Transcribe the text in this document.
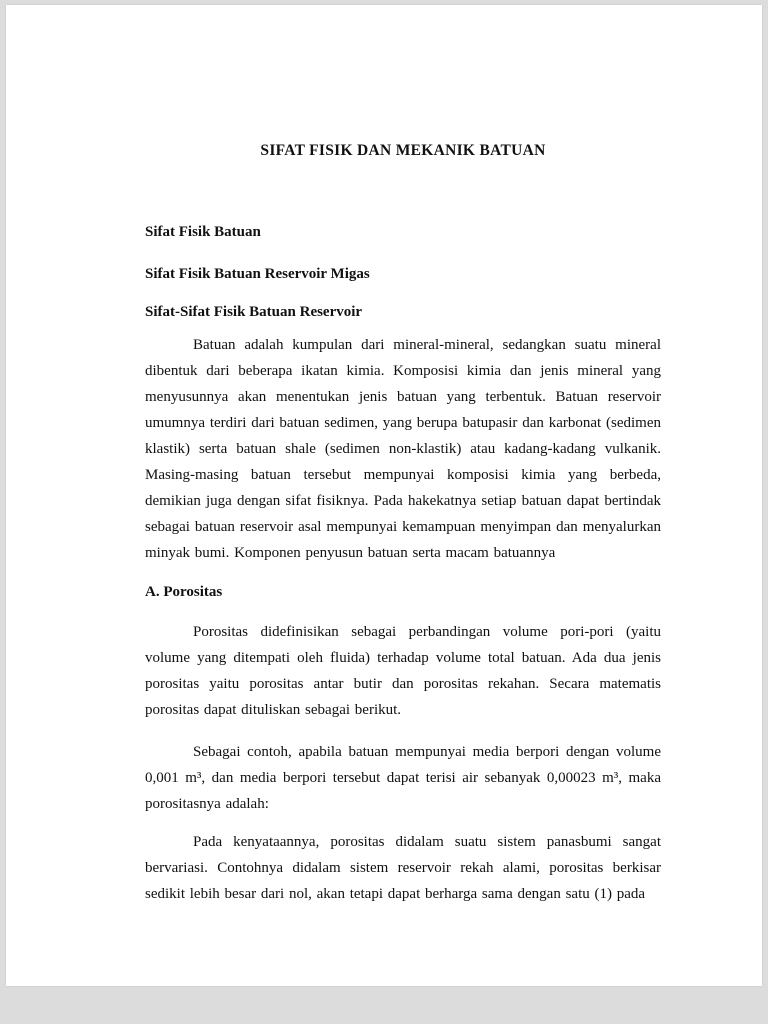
SIFAT FISIK DAN MEKANIK BATUAN
Sifat Fisik Batuan
Sifat Fisik Batuan Reservoir Migas
Sifat-Sifat Fisik Batuan Reservoir

Batuan adalah kumpulan dari mineral-mineral, sedangkan suatu mineral dibentuk dari beberapa ikatan kimia. Komposisi kimia dan jenis mineral yang menyusunnya akan menentukan jenis batuan yang terbentuk. Batuan reservoir umumnya terdiri dari batuan sedimen, yang berupa batupasir dan karbonat (sedimen klastik) serta batuan shale (sedimen non-klastik) atau kadang-kadang vulkanik. Masing-masing batuan tersebut mempunyai komposisi kimia yang berbeda, demikian juga dengan sifat fisiknya. Pada hakekatnya setiap batuan dapat bertindak sebagai batuan reservoir asal mempunyai kemampuan menyimpan dan menyalurkan minyak bumi. Komponen penyusun batuan serta macam batuannya

A. Porositas

Porositas didefinisikan sebagai perbandingan volume pori-pori (yaitu volume yang ditempati oleh fluida) terhadap volume total batuan. Ada dua jenis porositas yaitu porositas antar butir dan porositas rekahan. Secara matematis porositas dapat dituliskan sebagai berikut.

Sebagai contoh, apabila batuan mempunyai media berpori dengan volume 0,001 m³, dan media berpori tersebut dapat terisi air sebanyak 0,00023 m³, maka porositasnya adalah:

Pada kenyataannya, porositas didalam suatu sistem panasbumi sangat bervariasi. Contohnya didalam sistem reservoir rekah alami, porositas berkisar sedikit lebih besar dari nol, akan tetapi dapat berharga sama dengan satu (1) pada
